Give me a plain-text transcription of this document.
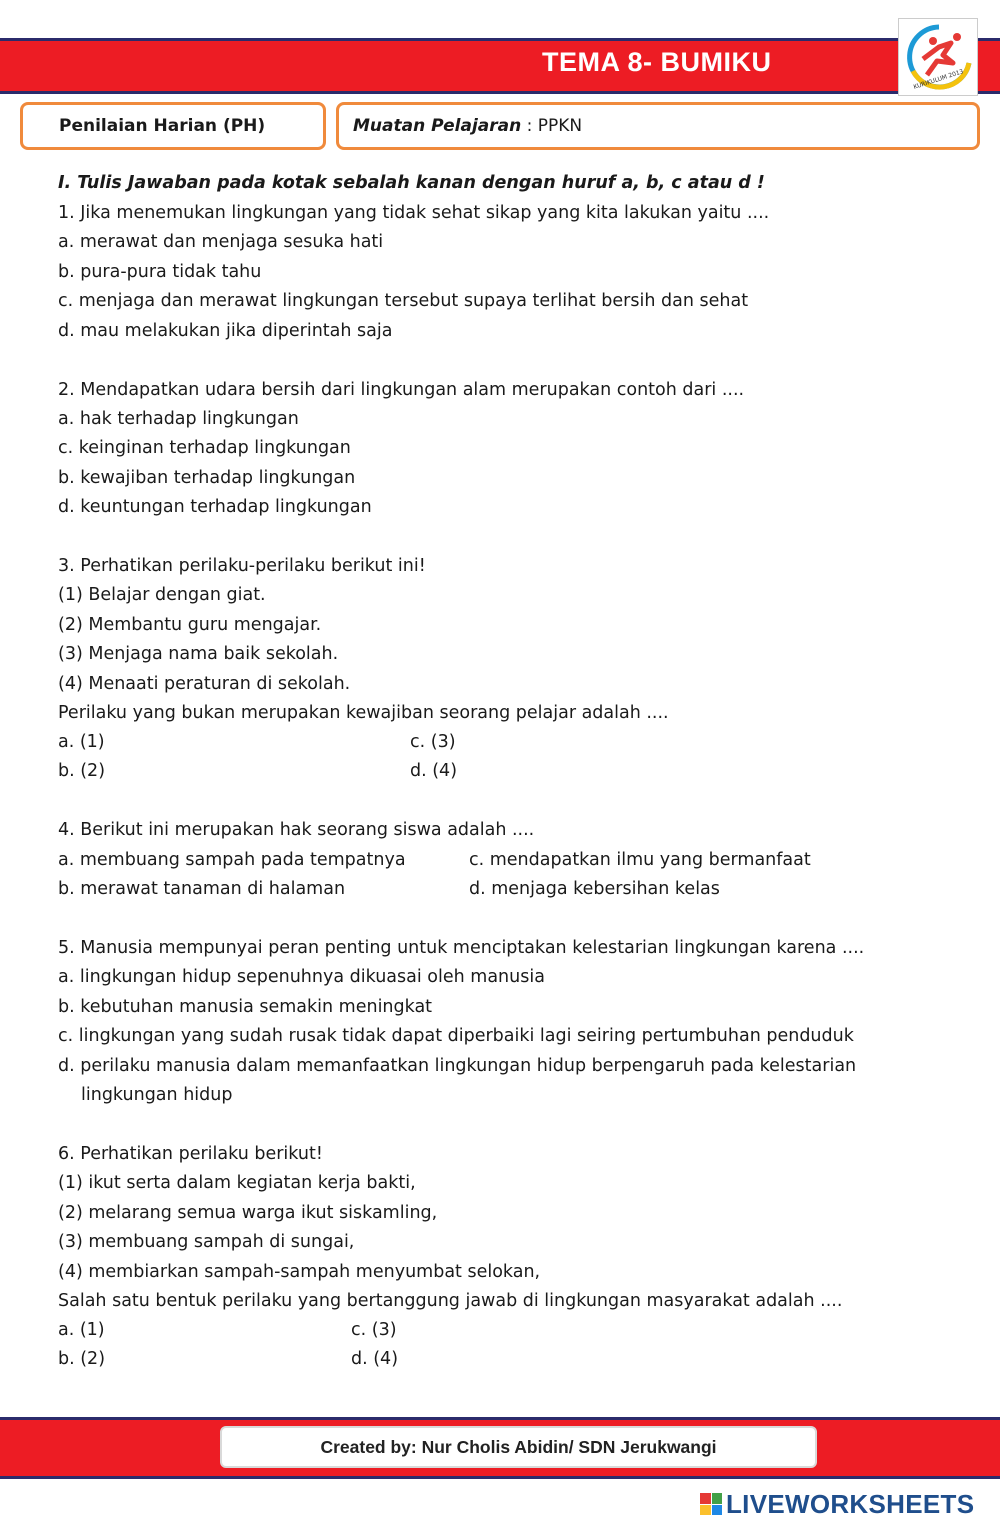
TEMA 8- BUMIKU
KURIKULUM 2013
Penilaian Harian (PH)	Muatan Pelajaran : PPKN
I. Tulis Jawaban pada kotak sebalah kanan dengan huruf a, b, c atau d !
1. Jika menemukan lingkungan yang tidak sehat sikap yang kita lakukan yaitu ....
a. merawat dan menjaga sesuka hati
b. pura-pura tidak tahu
c. menjaga dan merawat lingkungan tersebut supaya terlihat bersih dan sehat
d. mau melakukan jika diperintah saja
2. Mendapatkan udara bersih dari lingkungan alam merupakan contoh dari ....
a. hak terhadap lingkungan
c. keinginan terhadap lingkungan
b. kewajiban terhadap lingkungan
d. keuntungan terhadap lingkungan
3. Perhatikan perilaku-perilaku berikut ini!
(1) Belajar dengan giat.
(2) Membantu guru mengajar.
(3) Menjaga nama baik sekolah.
(4) Menaati peraturan di sekolah.
Perilaku yang bukan merupakan kewajiban seorang pelajar adalah ....
a. (1)	c. (3)
b. (2)	d. (4)
4. Berikut ini merupakan hak seorang siswa adalah ....
a. membuang sampah pada tempatnya	c. mendapatkan ilmu yang bermanfaat
b. merawat tanaman di halaman	d. menjaga kebersihan kelas
5. Manusia mempunyai peran penting untuk menciptakan kelestarian lingkungan karena ....
a. lingkungan hidup sepenuhnya dikuasai oleh manusia
b. kebutuhan manusia semakin meningkat
c. lingkungan yang sudah rusak tidak dapat diperbaiki lagi seiring pertumbuhan penduduk
d. perilaku manusia dalam memanfaatkan lingkungan hidup berpengaruh pada kelestarian
lingkungan hidup
6. Perhatikan perilaku berikut!
(1) ikut serta dalam kegiatan kerja bakti,
(2) melarang semua warga ikut siskamling,
(3) membuang sampah di sungai,
(4) membiarkan sampah-sampah menyumbat selokan,
Salah satu bentuk perilaku yang bertanggung jawab di lingkungan masyarakat adalah ....
a. (1)	c. (3)
b. (2)	d. (4)
Created by: Nur Cholis Abidin/ SDN Jerukwangi
LIVEWORKSHEETS
